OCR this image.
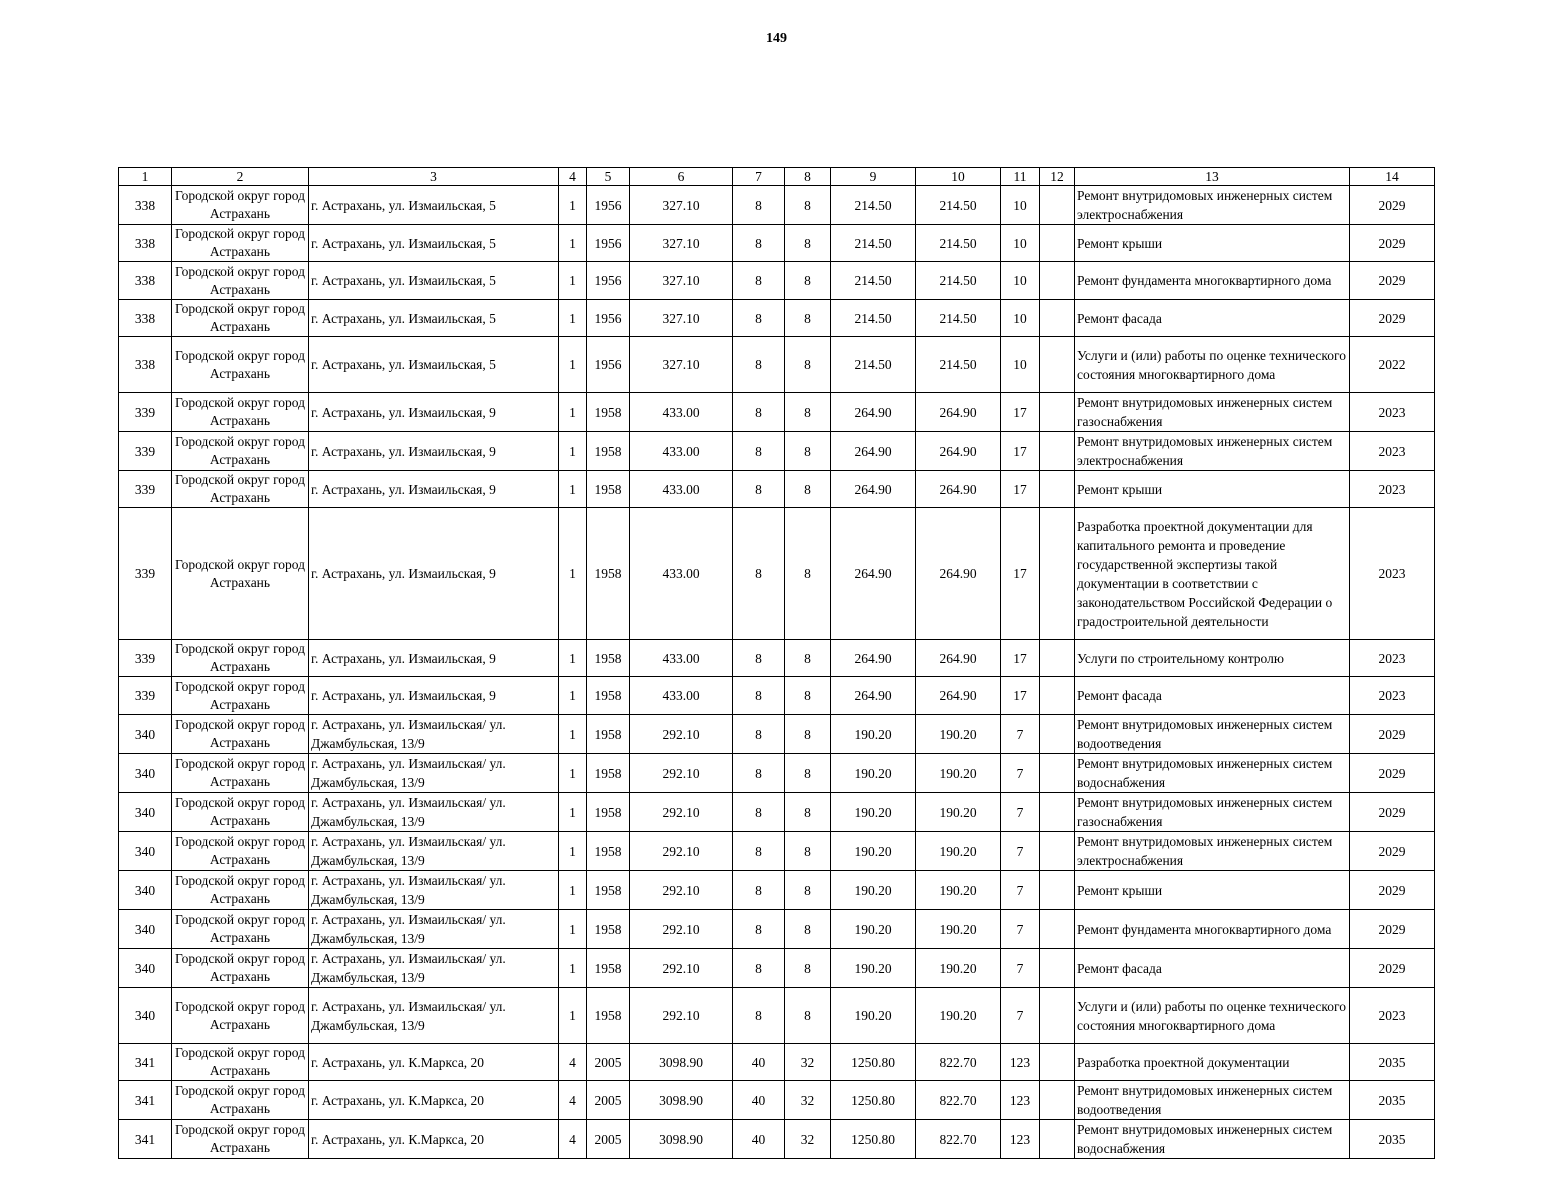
149
1	2	3	4	5	6	7	8	9	10	11	12	13	14
338	Городской округ город Астрахань	г. Астрахань, ул. Измаильская, 5	1	1956	327.10	8	8	214.50	214.50	10		Ремонт внутридомовых инженерных систем электроснабжения	2029
338	Городской округ город Астрахань	г. Астрахань, ул. Измаильская, 5	1	1956	327.10	8	8	214.50	214.50	10		Ремонт крыши	2029
338	Городской округ город Астрахань	г. Астрахань, ул. Измаильская, 5	1	1956	327.10	8	8	214.50	214.50	10		Ремонт фундамента многоквартирного дома	2029
338	Городской округ город Астрахань	г. Астрахань, ул. Измаильская, 5	1	1956	327.10	8	8	214.50	214.50	10		Ремонт фасада	2029
338	Городской округ город Астрахань	г. Астрахань, ул. Измаильская, 5	1	1956	327.10	8	8	214.50	214.50	10		Услуги и (или) работы по оценке технического состояния многоквартирного дома	2022
339	Городской округ город Астрахань	г. Астрахань, ул. Измаильская, 9	1	1958	433.00	8	8	264.90	264.90	17		Ремонт внутридомовых инженерных систем газоснабжения	2023
339	Городской округ город Астрахань	г. Астрахань, ул. Измаильская, 9	1	1958	433.00	8	8	264.90	264.90	17		Ремонт внутридомовых инженерных систем электроснабжения	2023
339	Городской округ город Астрахань	г. Астрахань, ул. Измаильская, 9	1	1958	433.00	8	8	264.90	264.90	17		Ремонт крыши	2023
339	Городской округ город Астрахань	г. Астрахань, ул. Измаильская, 9	1	1958	433.00	8	8	264.90	264.90	17		Разработка проектной документации для капитального ремонта и проведение государственной экспертизы такой документации в соответствии с законодательством Российской Федерации о градостроительной деятельности	2023
339	Городской округ город Астрахань	г. Астрахань, ул. Измаильская, 9	1	1958	433.00	8	8	264.90	264.90	17		Услуги по строительному контролю	2023
339	Городской округ город Астрахань	г. Астрахань, ул. Измаильская, 9	1	1958	433.00	8	8	264.90	264.90	17		Ремонт фасада	2023
340	Городской округ город Астрахань	г. Астрахань, ул. Измаильская/ ул. Джамбульская, 13/9	1	1958	292.10	8	8	190.20	190.20	7		Ремонт внутридомовых инженерных систем водоотведения	2029
340	Городской округ город Астрахань	г. Астрахань, ул. Измаильская/ ул. Джамбульская, 13/9	1	1958	292.10	8	8	190.20	190.20	7		Ремонт внутридомовых инженерных систем водоснабжения	2029
340	Городской округ город Астрахань	г. Астрахань, ул. Измаильская/ ул. Джамбульская, 13/9	1	1958	292.10	8	8	190.20	190.20	7		Ремонт внутридомовых инженерных систем газоснабжения	2029
340	Городской округ город Астрахань	г. Астрахань, ул. Измаильская/ ул. Джамбульская, 13/9	1	1958	292.10	8	8	190.20	190.20	7		Ремонт внутридомовых инженерных систем электроснабжения	2029
340	Городской округ город Астрахань	г. Астрахань, ул. Измаильская/ ул. Джамбульская, 13/9	1	1958	292.10	8	8	190.20	190.20	7		Ремонт крыши	2029
340	Городской округ город Астрахань	г. Астрахань, ул. Измаильская/ ул. Джамбульская, 13/9	1	1958	292.10	8	8	190.20	190.20	7		Ремонт фундамента многоквартирного дома	2029
340	Городской округ город Астрахань	г. Астрахань, ул. Измаильская/ ул. Джамбульская, 13/9	1	1958	292.10	8	8	190.20	190.20	7		Ремонт фасада	2029
340	Городской округ город Астрахань	г. Астрахань, ул. Измаильская/ ул. Джамбульская, 13/9	1	1958	292.10	8	8	190.20	190.20	7		Услуги и (или) работы по оценке технического состояния многоквартирного дома	2023
341	Городской округ город Астрахань	г. Астрахань, ул. К.Маркса, 20	4	2005	3098.90	40	32	1250.80	822.70	123		Разработка проектной документации	2035
341	Городской округ город Астрахань	г. Астрахань, ул. К.Маркса, 20	4	2005	3098.90	40	32	1250.80	822.70	123		Ремонт внутридомовых инженерных систем водоотведения	2035
341	Городской округ город Астрахань	г. Астрахань, ул. К.Маркса, 20	4	2005	3098.90	40	32	1250.80	822.70	123		Ремонт внутридомовых инженерных систем водоснабжения	2035
